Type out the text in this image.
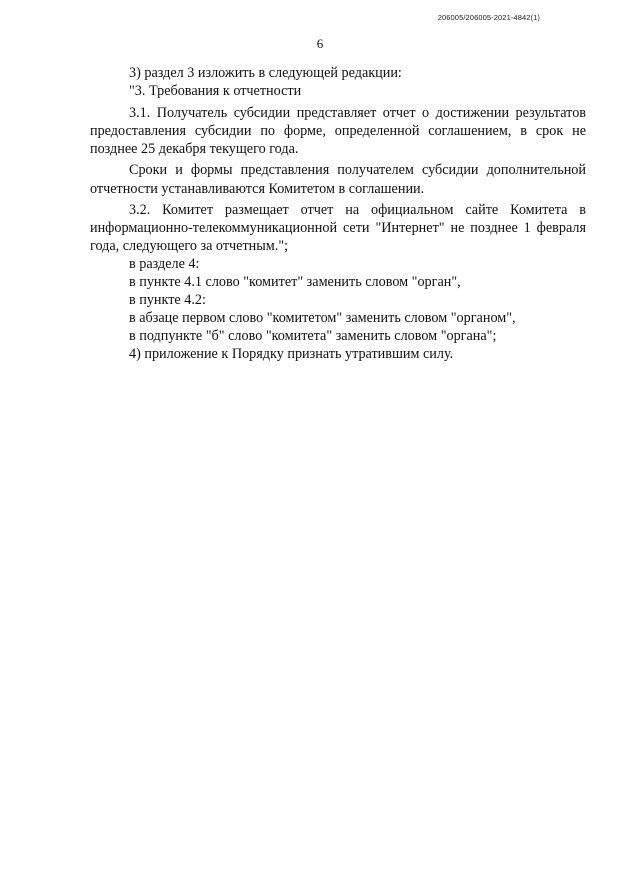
206005/206005-2021-4842(1)
6

3) раздел 3 изложить в следующей редакции:

"3. Требования к отчетности

3.1. Получатель субсидии представляет отчет о достижении результатов предоставления субсидии по форме, определенной соглашением, в срок не позднее 25 декабря текущего года.

Сроки и формы представления получателем субсидии дополнительной отчетности устанавливаются Комитетом в соглашении.

3.2. Комитет размещает отчет на официальном сайте Комитета в информационно-телекоммуникационной сети "Интернет" не позднее 1 февраля года, следующего за отчетным.";

в разделе 4:

в пункте 4.1 слово "комитет" заменить словом "орган",

в пункте 4.2:

в абзаце первом слово "комитетом" заменить словом "органом",

в подпункте "б" слово "комитета" заменить словом "органа";

4) приложение к Порядку признать утратившим силу.
